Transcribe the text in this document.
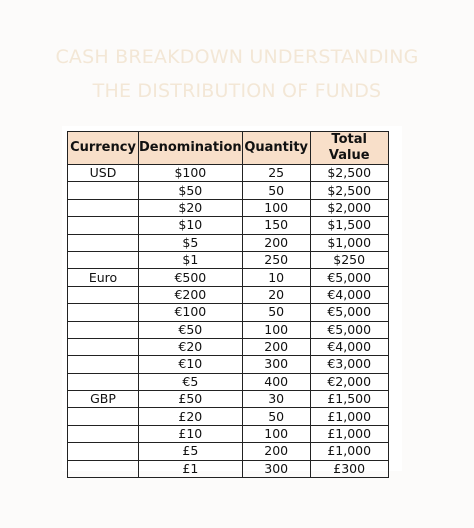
CASH BREAKDOWN UNDERSTANDING
THE DISTRIBUTION OF FUNDS
Currency	Denomination	Quantity	Total Value
USD	$100	25	$2,500
	$50	50	$2,500
	$20	100	$2,000
	$10	150	$1,500
	$5	200	$1,000
	$1	250	$250
Euro	€500	10	€5,000
	€200	20	€4,000
	€100	50	€5,000
	€50	100	€5,000
	€20	200	€4,000
	€10	300	€3,000
	€5	400	€2,000
GBP	£50	30	£1,500
	£20	50	£1,000
	£10	100	£1,000
	£5	200	£1,000
	£1	300	£300
